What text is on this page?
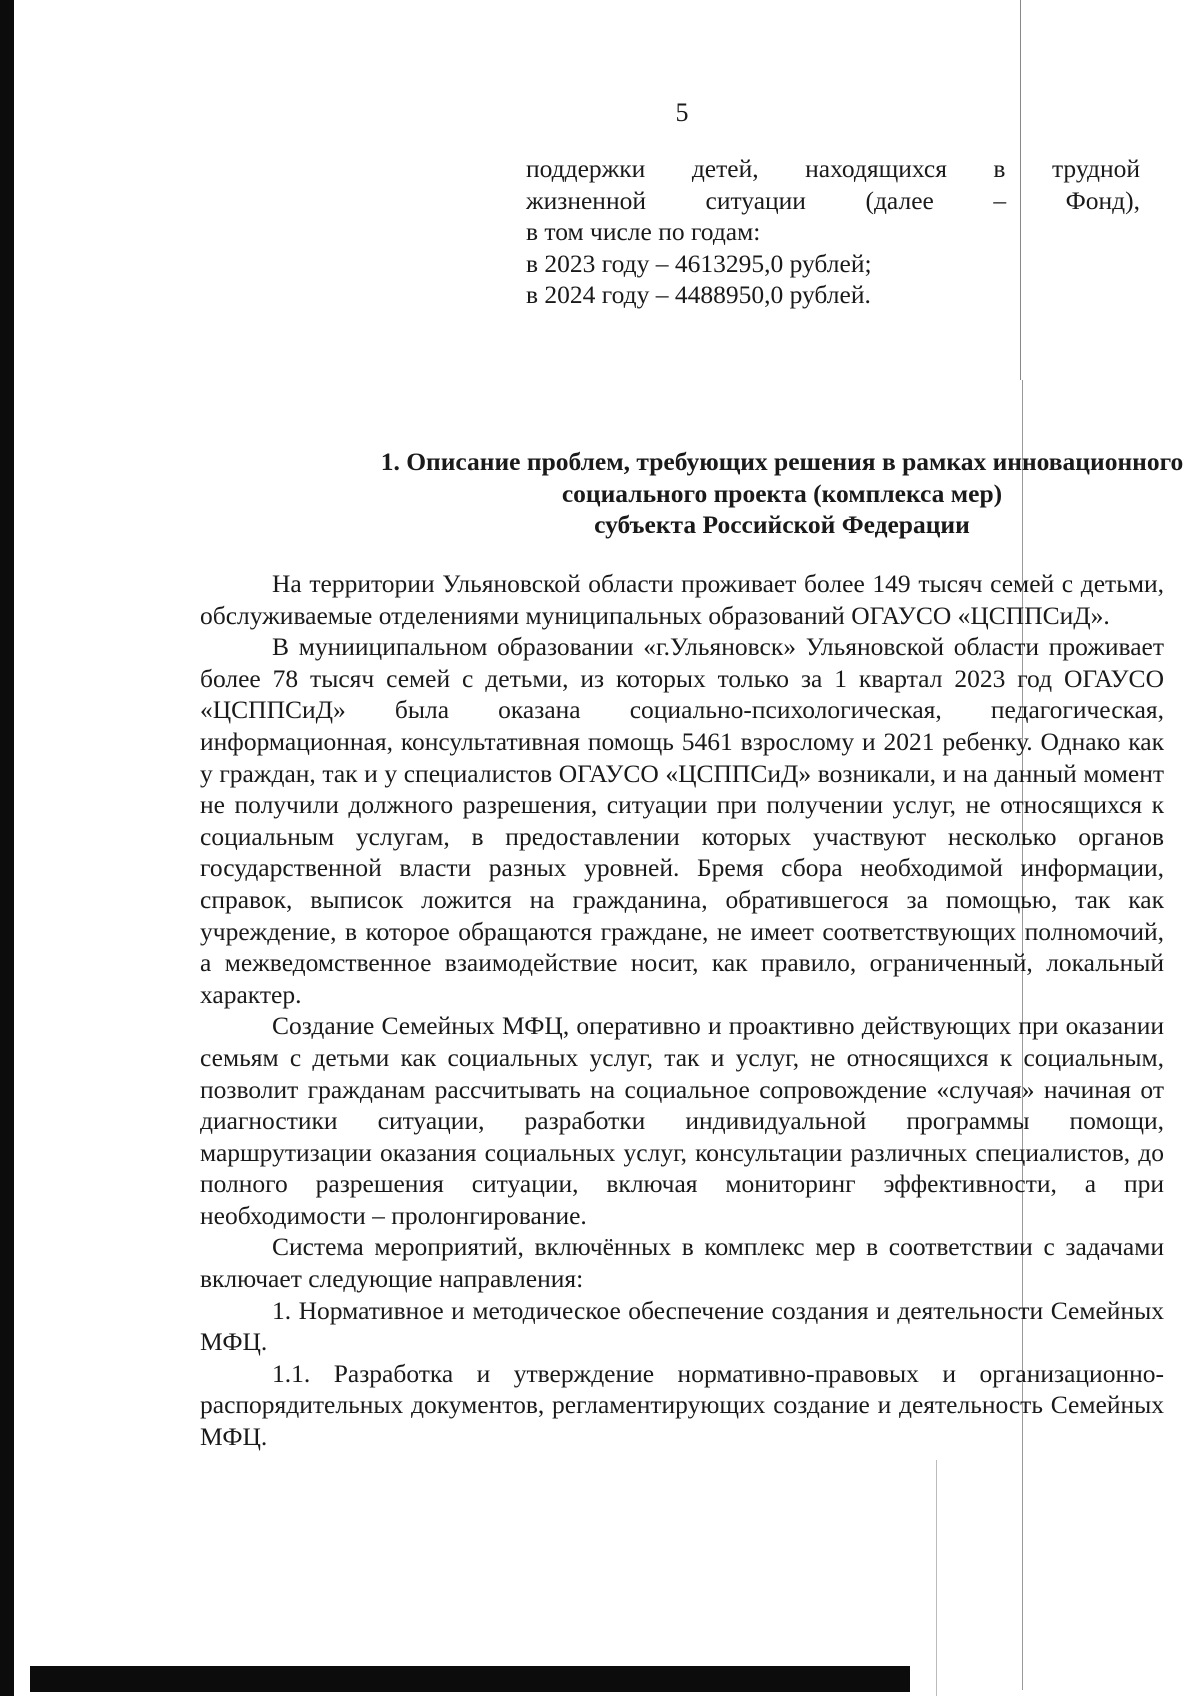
5
поддержки детей, находящихся в трудной
жизненной ситуации (далее – Фонд),
в том числе по годам:
в 2023 году – 4613295,0 рублей;
в 2024 году – 4488950,0 рублей.
1. Описание проблем, требующих решения в рамках инновационного
социального проекта (комплекса мер)
субъекта Российской Федерации

На территории Ульяновской области проживает более 149 тысяч семей с детьми, обслуживаемые отделениями муниципальных образований ОГАУСО «ЦСППСиД».

В мунииципальном образовании «г.Ульяновск» Ульяновской области проживает более 78 тысяч семей с детьми, из которых только за 1 квартал 2023 год ОГАУСО «ЦСППСиД» была оказана социально-психологическая, педагогическая, информационная, консультативная помощь 5461 взрослому и 2021 ребенку. Однако как у граждан, так и у специалистов ОГАУСО «ЦСППСиД» возникали, и на данный момент не получили должного разрешения, ситуации при получении услуг, не относящихся к социальным услугам, в предоставлении которых участвуют несколько органов государственной власти разных уровней. Бремя сбора необходимой информации, справок, выписок ложится на гражданина, обратившегося за помощью, так как учреждение, в которое обращаются граждане, не имеет соответствующих полномочий, а межведомственное взаимодействие носит, как правило, ограниченный, локальный характер.

Создание Семейных МФЦ, оперативно и проактивно действующих при оказании семьям с детьми как социальных услуг, так и услуг, не относящихся к социальным, позволит гражданам рассчитывать на социальное сопровождение «случая» начиная от диагностики ситуации, разработки индивидуальной программы помощи, маршрутизации оказания социальных услуг, консультации различных специалистов, до полного разрешения ситуации, включая мониторинг эффективности, а при необходимости – пролонгирование.

Система мероприятий, включённых в комплекс мер в соответствии с задачами включает следующие направления:

1. Нормативное и методическое обеспечение создания и деятельности Семейных МФЦ.

1.1. Разработка и утверждение нормативно-правовых и организационно-распорядительных документов, регламентирующих создание и деятельность Семейных МФЦ.
